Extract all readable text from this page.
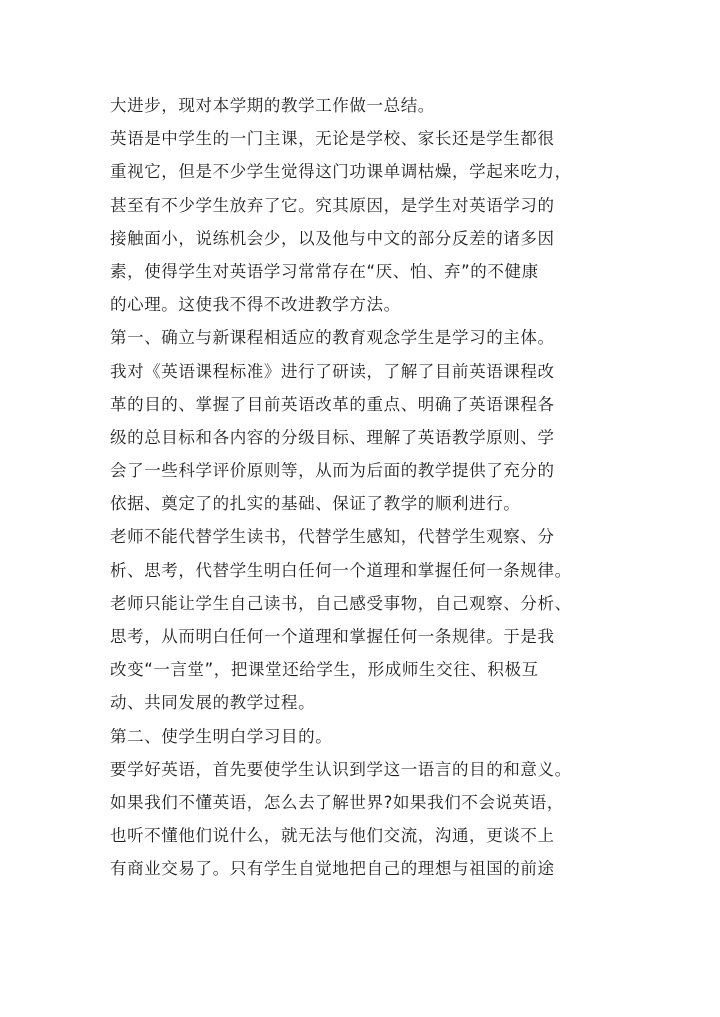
大进步，现对本学期的教学工作做一总结。
英语是中学生的一门主课，无论是学校、家长还是学生都很
重视它，但是不少学生觉得这门功课单调枯燥，学起来吃力，
甚至有不少学生放弃了它。究其原因，是学生对英语学习的
接触面小，说练机会少，以及他与中文的部分反差的诸多因
素，使得学生对英语学习常常存在“厌、怕、弃”的不健康
的心理。这使我不得不改进教学方法。
第一、确立与新课程相适应的教育观念学生是学习的主体。
我对《英语课程标准》进行了研读，了解了目前英语课程改
革的目的、掌握了目前英语改革的重点、明确了英语课程各
级的总目标和各内容的分级目标、理解了英语教学原则、学
会了一些科学评价原则等，从而为后面的教学提供了充分的
依据、奠定了的扎实的基础、保证了教学的顺利进行。
老师不能代替学生读书，代替学生感知，代替学生观察、分
析、思考，代替学生明白任何一个道理和掌握任何一条规律。
老师只能让学生自己读书，自己感受事物，自己观察、分析、
思考，从而明白任何一个道理和掌握任何一条规律。于是我
改变“一言堂”，把课堂还给学生，形成师生交往、积极互
动、共同发展的教学过程。
第二、使学生明白学习目的。
要学好英语，首先要使学生认识到学这一语言的目的和意义。
如果我们不懂英语，怎么去了解世界?如果我们不会说英语，
也听不懂他们说什么，就无法与他们交流，沟通，更谈不上
有商业交易了。只有学生自觉地把自己的理想与祖国的前途
